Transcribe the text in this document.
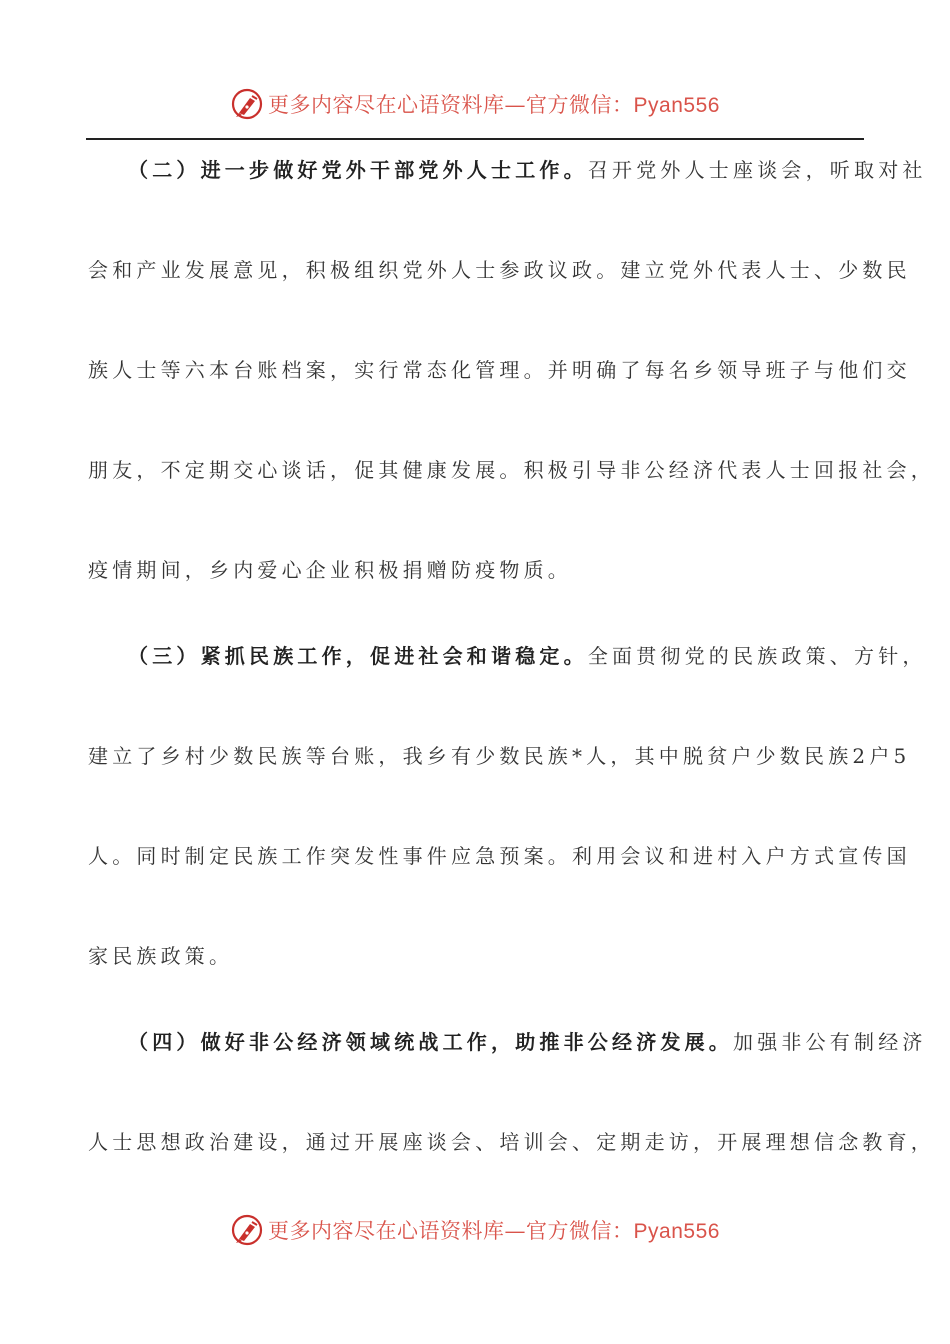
更多内容尽在心语资料库—官方微信：Pyan556
（二）进一步做好党外干部党外人士工作。召开党外人士座谈会，听取对社
会和产业发展意见，积极组织党外人士参政议政。建立党外代表人士、少数民
族人士等六本台账档案，实行常态化管理。并明确了每名乡领导班子与他们交
朋友，不定期交心谈话，促其健康发展。积极引导非公经济代表人士回报社会，
疫情期间，乡内爱心企业积极捐赠防疫物质。
（三）紧抓民族工作，促进社会和谐稳定。全面贯彻党的民族政策、方针，
建立了乡村少数民族等台账，我乡有少数民族*人，其中脱贫户少数民族2户5
人。同时制定民族工作突发性事件应急预案。利用会议和进村入户方式宣传国
家民族政策。
（四）做好非公经济领域统战工作，助推非公经济发展。加强非公有制经济
人士思想政治建设，通过开展座谈会、培训会、定期走访，开展理想信念教育，
更多内容尽在心语资料库—官方微信：Pyan556
